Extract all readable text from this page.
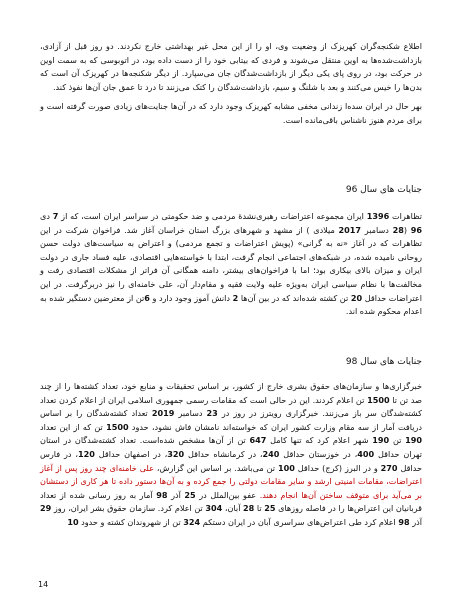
اطلاع شکنجه‌گران کهریزک از وضعیت وی، او را از این محل غیر بهداشتی خارج نکردند. دو روز قبل از آزادی، بازداشت‌شده‌ها به اوین منتقل می‌شوند و فردی که بیتابی خود را از دست داده بود، در اتوبوسی که به سمت اوین در حرکت بود، در روی پای یکی دیگر از بازداشت‌شدگان جان می‌سپارد. از دیگر شکنجه‌ها در کهریزک آن است که بدن‌ها را خیس می‌کنند و بعد با شلنگ و سیم، بازداشت‌شدگان را کتک می‌زنند تا درد تا عمق جان آن‌ها نفوذ کند.

بهر حال در ایران سده‌ا زندانی مخفی مشابه کهریزک وجود دارد که در آن‌ها جنایت‌های زیادی صورت گرفته است و برای مردم هنوز ناشناس باقی‌مانده است.

جنایات های سال 96

تظاهرات 1396 ایران مجموعه اعتراضات رهبری‌نشدهٔ مردمی و ضد حکومتی در سراسر ایران است، که از 7 دی 96 (28 دسامبر 2017 میلادی ) از مشهد و شهرهای بزرگ استان خراسان آغاز شد. فراخوان شرکت در این تظاهرات که در آغاز «نه به گرانی» (پویش اعتراضات و تجمع مردمی) و اعتراض به سیاست‌های دولت حسن روحانی نامیده شده، در شبکه‌های اجتماعی انجام گرفت، ابتدا با خواسته‌هایی اقتصادی، علیه فساد جاری در دولت ایران و میزان بالای بیکاری بود؛ اما با فراخوان‌های بیشتر، دامنه همگانی آن فراتر از مشکلات اقتصادی رفت و مخالفت‌ها با نظام سیاسی ایران به‌ویژه علیه ولایت فقیه و مقام‌دار آن، علی خامنه‌ای را نیز دربرگرفت. در این اعتراضات حداقل 20 تن کشته شده‌اند که در بین آن‌ها 2 دانش آموز وجود دارد و 6تن از معترضین دستگیر شده به اعدام محکوم شده اند.

جنایات های سال 98

خبرگزاری‌ها و سازمان‌های حقوق بشری خارج از کشور، بر اساس تحقیقات و منابع خود، تعداد کشته‌ها را از چند صد تن تا 1500 تن اعلام کردند. این در حالی است که مقامات رسمی جمهوری اسلامی ایران از اعلام کردن تعداد کشته‌شدگان سر باز می‌زنند. خبرگزاری رویترز در روز در 23 دسامبر 2019 تعداد کشته‌شدگان را بر اساس دریافت آمار از سه مقام وزارت کشور ایران که خواسته‌اند نامشان فاش نشود، حدود 1500 تن که از این تعداد 190 تن 190 شهر اعلام کرد که تنها کامل 647 تن از آن‌ها مشخص شده‌است. تعداد کشته‌شدگان در استان تهران حداقل 400، در خوزستان حداقل 240، در کرمانشاه حداقل 320، در اصفهان حداقل 120، در فارس حداقل 270 و در البرز (کرج) حداقل 100 تن می‌باشد. بر اساس این گزارش، علی خامنه‌ای چند روز پس از آغاز اعتراضات، مقامات امنیتی ارشد و سایر مقامات دولتی را جمع کرده و به آن‌ها دستور داده تا هر کاری از دستشان بر می‌آید برای متوقف ساختن آن‌ها انجام دهند. عفو بین‌الملل در 25 آذر 98 آمار به روز رسانی شده از تعداد قربانیان این اعتراض‌ها را در فاصله روزهای 25 تا 28 آبان، 304 تن اعلام کرد. سازمان حقوق بشر ایران، روز 29 آذر 98 اعلام کرد طی اعتراض‌های سراسری آبان در ایران دستکم 324 تن از شهروندان کشته و حدود 10

14
